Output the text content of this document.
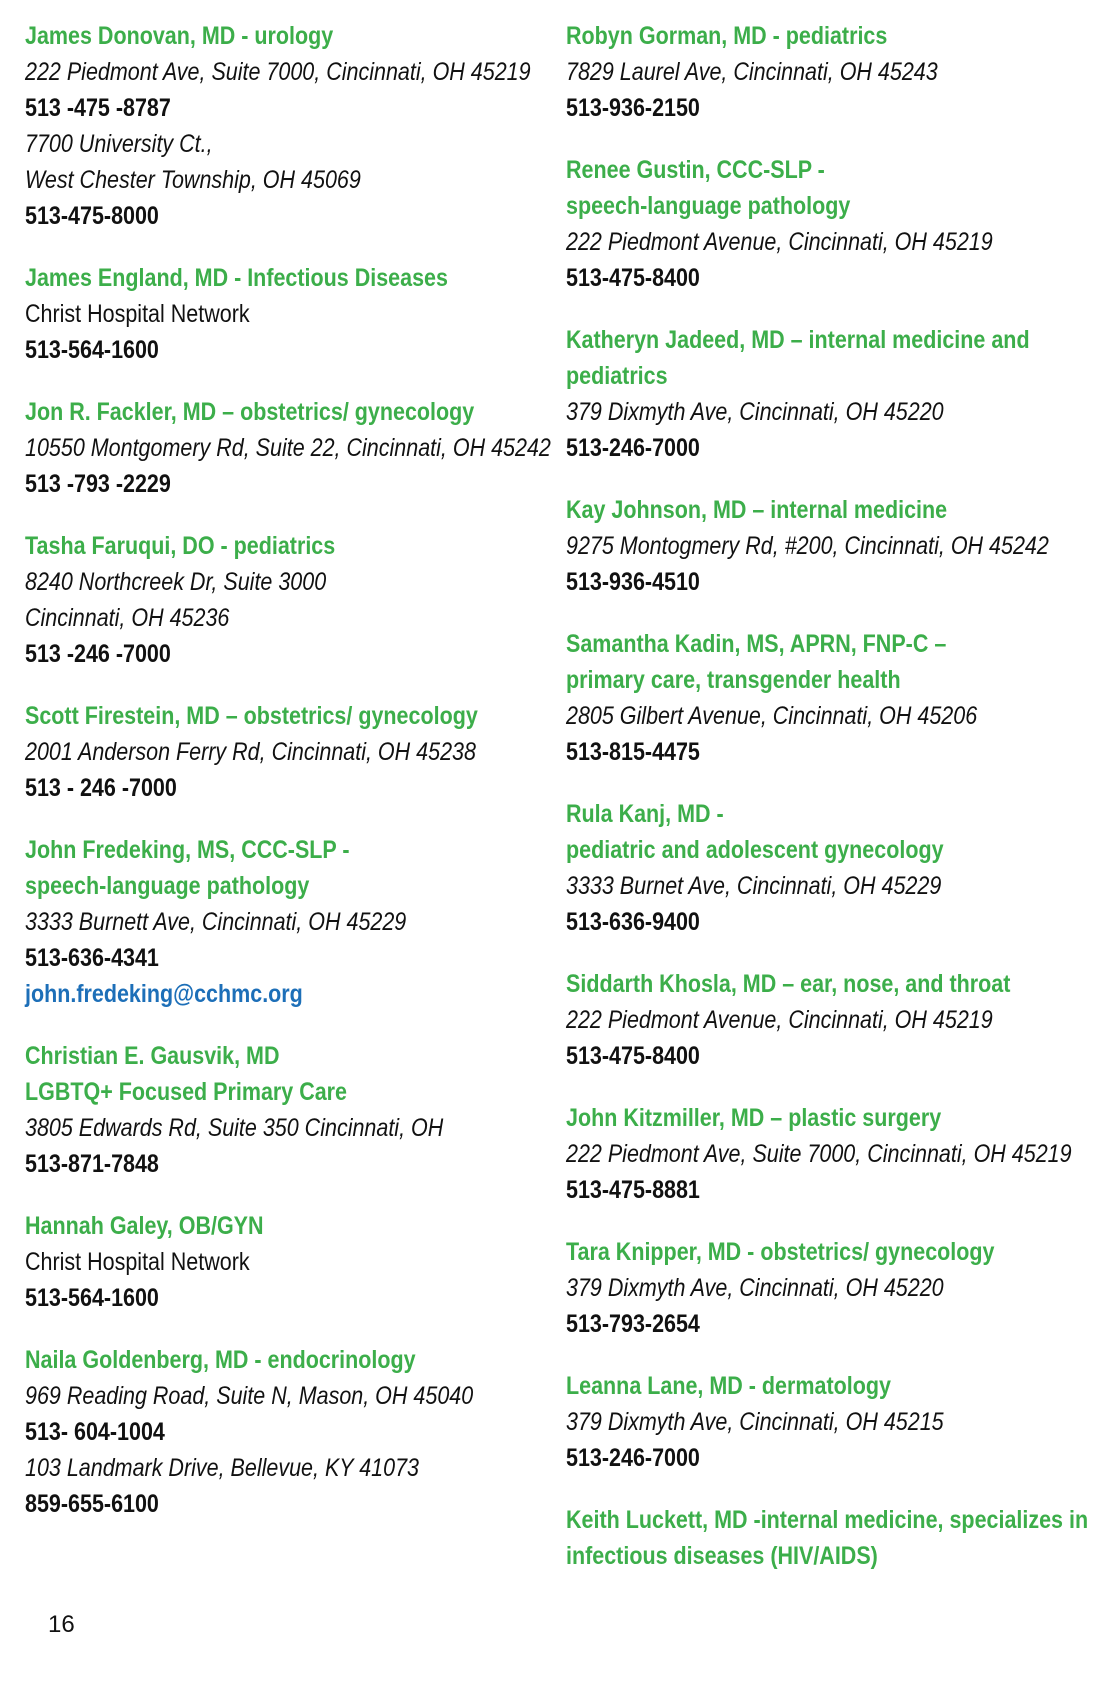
James Donovan, MD - urology
222 Piedmont Ave, Suite 7000, Cincinnati, OH 45219
513 -475 -8787
7700 University Ct.,
West Chester Township, OH 45069
513-475-8000
James England, MD - Infectious Diseases
Christ Hospital Network
513-564-1600
Jon R. Fackler, MD – obstetrics/ gynecology
10550 Montgomery Rd, Suite 22, Cincinnati, OH 45242
513 -793 -2229
Tasha Faruqui, DO - pediatrics
8240 Northcreek Dr, Suite 3000
Cincinnati, OH 45236
513 -246 -7000
Scott Firestein, MD – obstetrics/ gynecology
2001 Anderson Ferry Rd, Cincinnati, OH 45238
513 - 246 -7000
John Fredeking, MS, CCC-SLP -
speech-language pathology
3333 Burnett Ave, Cincinnati, OH 45229
513-636-4341
john.fredeking@cchmc.org
Christian E. Gausvik, MD
LGBTQ+ Focused Primary Care
3805 Edwards Rd, Suite 350 Cincinnati, OH
513-871-7848
Hannah Galey, OB/GYN
Christ Hospital Network
513-564-1600
Naila Goldenberg, MD - endocrinology
969 Reading Road, Suite N, Mason, OH 45040
513- 604-1004
103 Landmark Drive, Bellevue, KY 41073
859-655-6100
Robyn Gorman, MD - pediatrics
7829 Laurel Ave, Cincinnati, OH 45243
513-936-2150
Renee Gustin, CCC-SLP -
speech-language pathology
222 Piedmont Avenue, Cincinnati, OH 45219
513-475-8400
Katheryn Jadeed, MD – internal medicine and
pediatrics
379 Dixmyth Ave, Cincinnati, OH 45220
513-246-7000
Kay Johnson, MD – internal medicine
9275 Montogmery Rd, #200, Cincinnati, OH 45242
513-936-4510
Samantha Kadin, MS, APRN, FNP-C –
primary care, transgender health
2805 Gilbert Avenue, Cincinnati, OH 45206
513-815-4475
Rula Kanj, MD -
pediatric and adolescent gynecology
3333 Burnet Ave, Cincinnati, OH 45229
513-636-9400
Siddarth Khosla, MD – ear, nose, and throat
222 Piedmont Avenue, Cincinnati, OH 45219
513-475-8400
John Kitzmiller, MD – plastic surgery
222 Piedmont Ave, Suite 7000, Cincinnati, OH 45219
513-475-8881
Tara Knipper, MD - obstetrics/ gynecology
379 Dixmyth Ave, Cincinnati, OH 45220
513-793-2654
Leanna Lane, MD - dermatology
379 Dixmyth Ave, Cincinnati, OH 45215
513-246-7000
Keith Luckett, MD -internal medicine, specializes in
infectious diseases (HIV/AIDS)
16
